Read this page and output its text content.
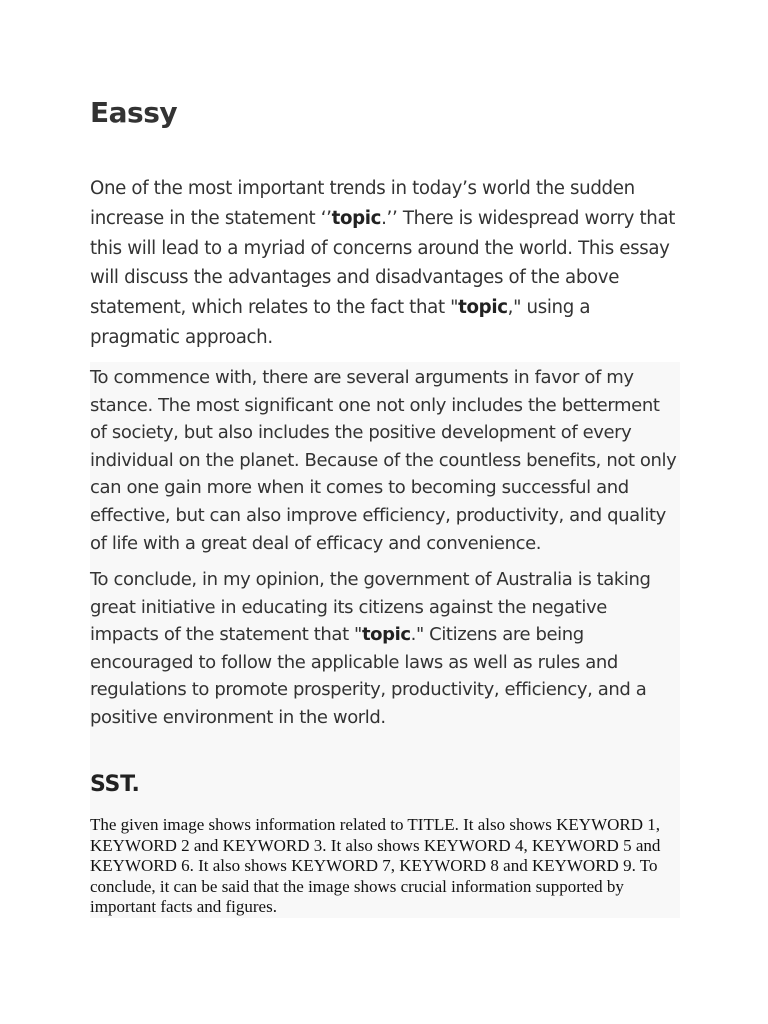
Eassy

One of the most important trends in today’s world the sudden increase in the statement ‘’topic.’’ There is widespread worry that this will lead to a myriad of concerns around the world. This essay will discuss the advantages and disadvantages of the above statement, which relates to the fact that "topic," using a pragmatic approach.

To commence with, there are several arguments in favor of my stance. The most significant one not only includes the betterment of society, but also includes the positive development of every individual on the planet. Because of the countless benefits, not only can one gain more when it comes to becoming successful and effective, but can also improve efficiency, productivity, and quality of life with a great deal of efficacy and convenience.

To conclude, in my opinion, the government of Australia is taking great initiative in educating its citizens against the negative impacts of the statement that "topic." Citizens are being encouraged to follow the applicable laws as well as rules and regulations to promote prosperity, productivity, efficiency, and a positive environment in the world.

SST.

The given image shows information related to TITLE. It also shows KEYWORD 1, KEYWORD 2 and KEYWORD 3. It also shows KEYWORD 4, KEYWORD 5 and KEYWORD 6. It also shows KEYWORD 7, KEYWORD 8 and KEYWORD 9. To conclude, it can be said that the image shows crucial information supported by important facts and figures.
